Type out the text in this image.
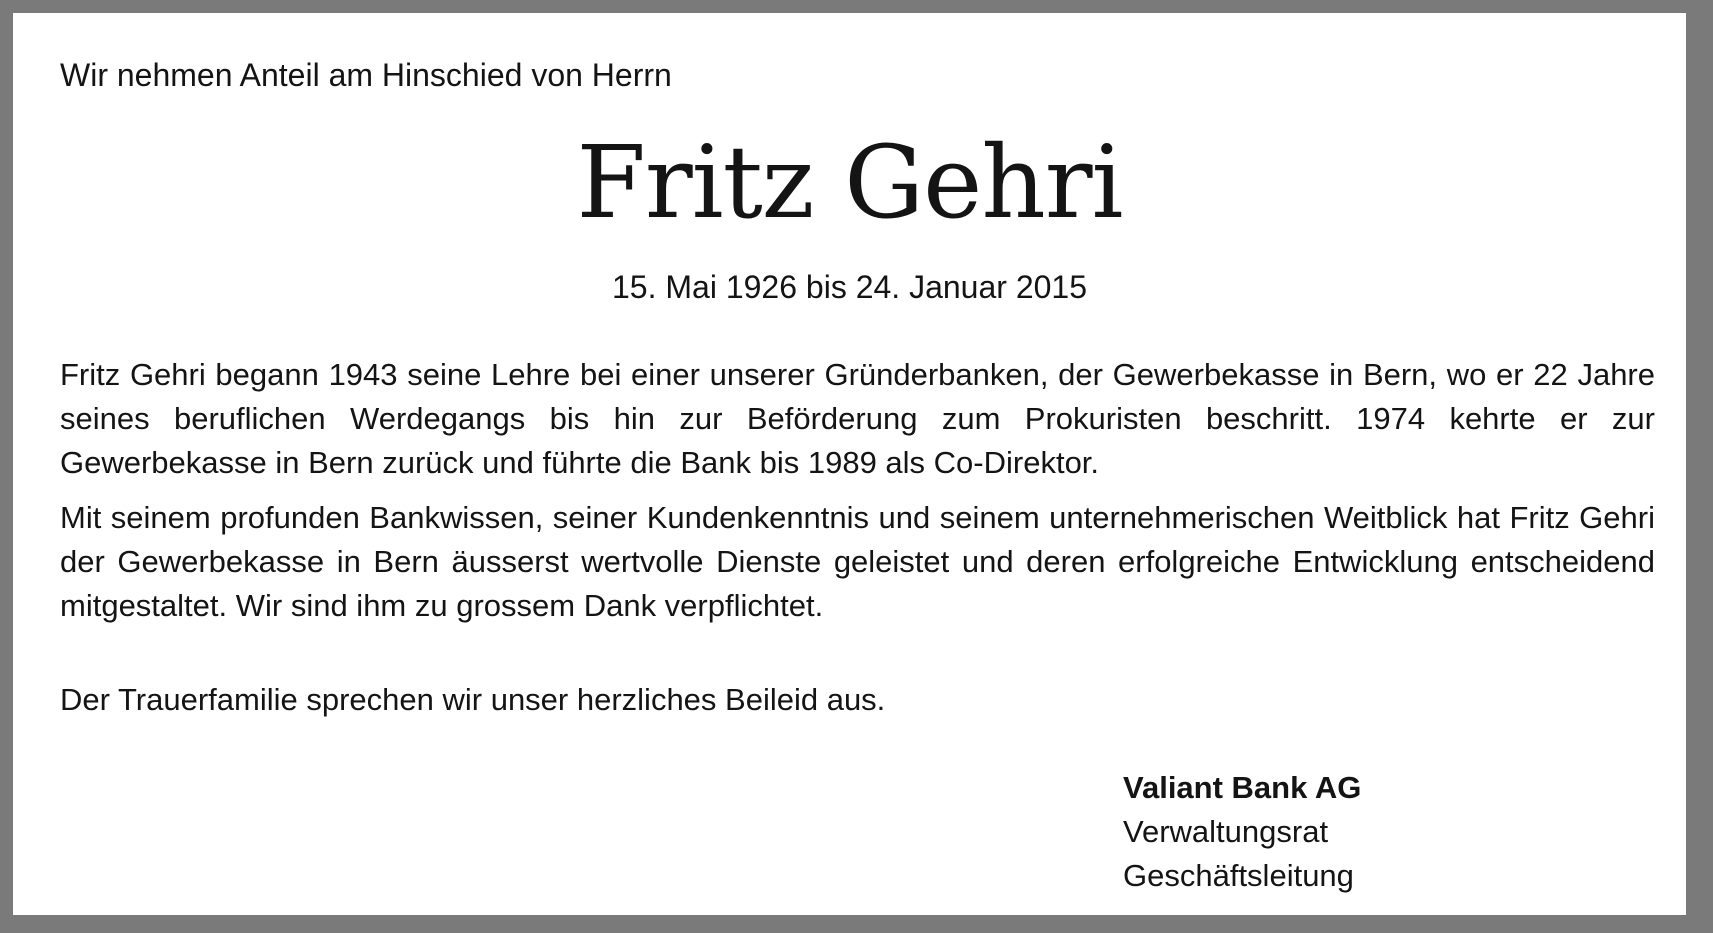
Wir nehmen Anteil am Hinschied von Herrn

Fritz Gehri

15. Mai 1926 bis 24. Januar 2015

Fritz Gehri begann 1943 seine Lehre bei einer unserer Gründerbanken, der Gewerbekasse in Bern, wo er 22 Jahre seines beruflichen Werdegangs bis hin zur Beförderung zum Prokuristen beschritt. 1974 kehrte er zur Gewerbekasse in Bern zurück und führte die Bank bis 1989 als Co-Direktor.

Mit seinem profunden Bankwissen, seiner Kundenkenntnis und seinem unternehmerischen Weitblick hat Fritz Gehri der Gewerbekasse in Bern äusserst wertvolle Dienste geleistet und deren erfolgreiche Entwicklung entscheidend mitgestaltet. Wir sind ihm zu grossem Dank verpflichtet.

Der Trauerfamilie sprechen wir unser herzliches Beileid aus.

Valiant Bank AG
Verwaltungsrat
Geschäftsleitung
